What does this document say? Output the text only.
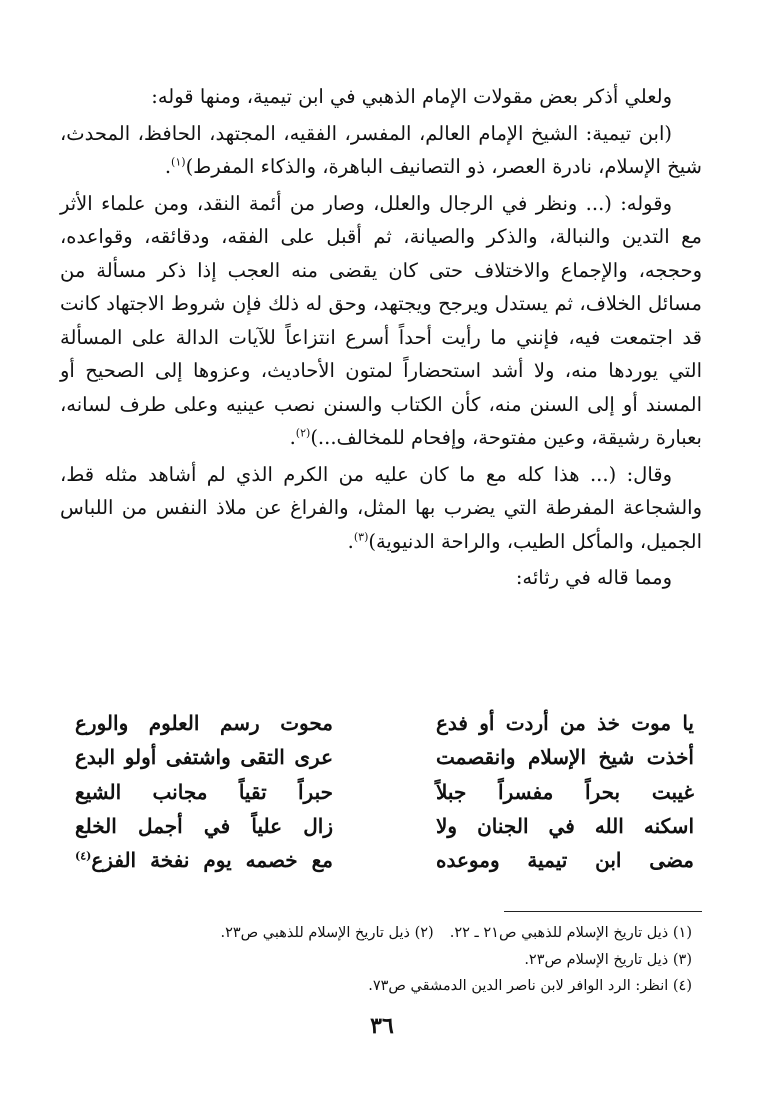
ولعلي أذكر بعض مقولات الإمام الذهبي في ابن تيمية، ومنها قوله:

(ابن تيمية: الشيخ الإمام العالم، المفسر، الفقيه، المجتهد، الحافظ، المحدث، شيخ الإسلام، نادرة العصر، ذو التصانيف الباهرة، والذكاء المفرط)$^{(١)}$.

وقوله: (... ونظر في الرجال والعلل، وصار من أئمة النقد، ومن علماء الأثر مع التدين والنبالة، والذكر والصيانة، ثم أقبل على الفقه، ودقائقه، وقواعده، وحججه، والإجماع والاختلاف حتى كان يقضى منه العجب إذا ذكر مسألة من مسائل الخلاف، ثم يستدل ويرجح ويجتهد، وحق له ذلك فإن شروط الاجتهاد كانت قد اجتمعت فيه، فإنني ما رأيت أحداً أسرع انتزاعاً للآيات الدالة على المسألة التي يوردها منه، ولا أشد استحضاراً لمتون الأحاديث، وعزوها إلى الصحيح أو المسند أو إلى السنن منه، كأن الكتاب والسنن نصب عينيه وعلى طرف لسانه، بعبارة رشيقة، وعين مفتوحة، وإفحام للمخالف...)$^{(٢)}$.

وقال: (... هذا كله مع ما كان عليه من الكرم الذي لم أشاهد مثله قط، والشجاعة المفرطة التي يضرب بها المثل، والفراغ عن ملاذ النفس من اللباس الجميل، والمأكل الطيب، والراحة الدنيوية)$^{(٣)}$.

ومما قاله في رثائه:

يا موت خذ من أردت أو فدع
محوت رسم العلوم والورع
أخذت شيخ الإسلام وانقصمت
عرى التقى واشتفى أولو البدع
غيبت بحراً مفسراً جبلاً
حبراً تقياً مجانب الشيع
اسكنه الله في الجنان ولا
زال علياً في أجمل الخلع
مضى ابن تيمية وموعده
مع خصمه يوم نفخة الفزع$^{(٤)}$
(١) ذيل تاريخ الإسلام للذهبي ص٢١ ـ ٢٢.(٢) ذيل تاريخ الإسلام للذهبي ص٢٣.
(٣) ذيل تاريخ الإسلام ص٢٣.
(٤) انظر: الرد الوافر لابن ناصر الدين الدمشقي ص٧٣.
٣٦
